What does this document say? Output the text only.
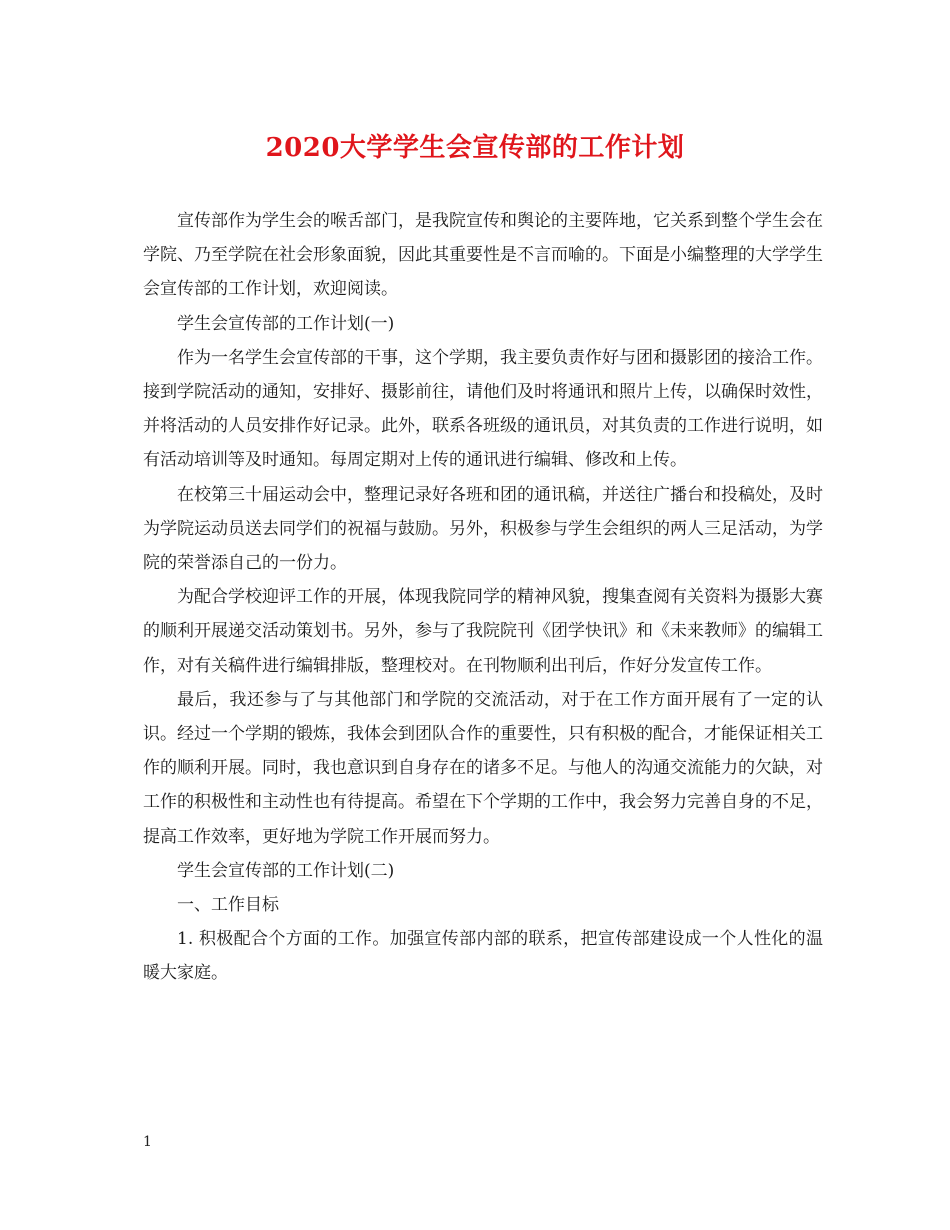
2020大学学生会宣传部的工作计划

宣传部作为学生会的喉舌部门，是我院宣传和舆论的主要阵地，它关系到整个学生会在学院、乃至学院在社会形象面貌，因此其重要性是不言而喻的。下面是小编整理的大学学生会宣传部的工作计划，欢迎阅读。

学生会宣传部的工作计划(一)

作为一名学生会宣传部的干事，这个学期，我主要负责作好与团和摄影团的接洽工作。接到学院活动的通知，安排好、摄影前往，请他们及时将通讯和照片上传，以确保时效性，并将活动的人员安排作好记录。此外，联系各班级的通讯员，对其负责的工作进行说明，如有活动培训等及时通知。每周定期对上传的通讯进行编辑、修改和上传。

在校第三十届运动会中，整理记录好各班和团的通讯稿，并送往广播台和投稿处，及时为学院运动员送去同学们的祝福与鼓励。另外，积极参与学生会组织的两人三足活动，为学院的荣誉添自己的一份力。

为配合学校迎评工作的开展，体现我院同学的精神风貌，搜集查阅有关资料为摄影大赛的顺利开展递交活动策划书。另外，参与了我院院刊《团学快讯》和《未来教师》的编辑工作，对有关稿件进行编辑排版，整理校对。在刊物顺利出刊后，作好分发宣传工作。

最后，我还参与了与其他部门和学院的交流活动，对于在工作方面开展有了一定的认识。经过一个学期的锻炼，我体会到团队合作的重要性，只有积极的配合，才能保证相关工作的顺利开展。同时，我也意识到自身存在的诸多不足。与他人的沟通交流能力的欠缺，对工作的积极性和主动性也有待提高。希望在下个学期的工作中，我会努力完善自身的不足，提高工作效率，更好地为学院工作开展而努力。

学生会宣传部的工作计划(二)

一、工作目标

1. 积极配合个方面的工作。加强宣传部内部的联系，把宣传部建设成一个人性化的温暖大家庭。

1
